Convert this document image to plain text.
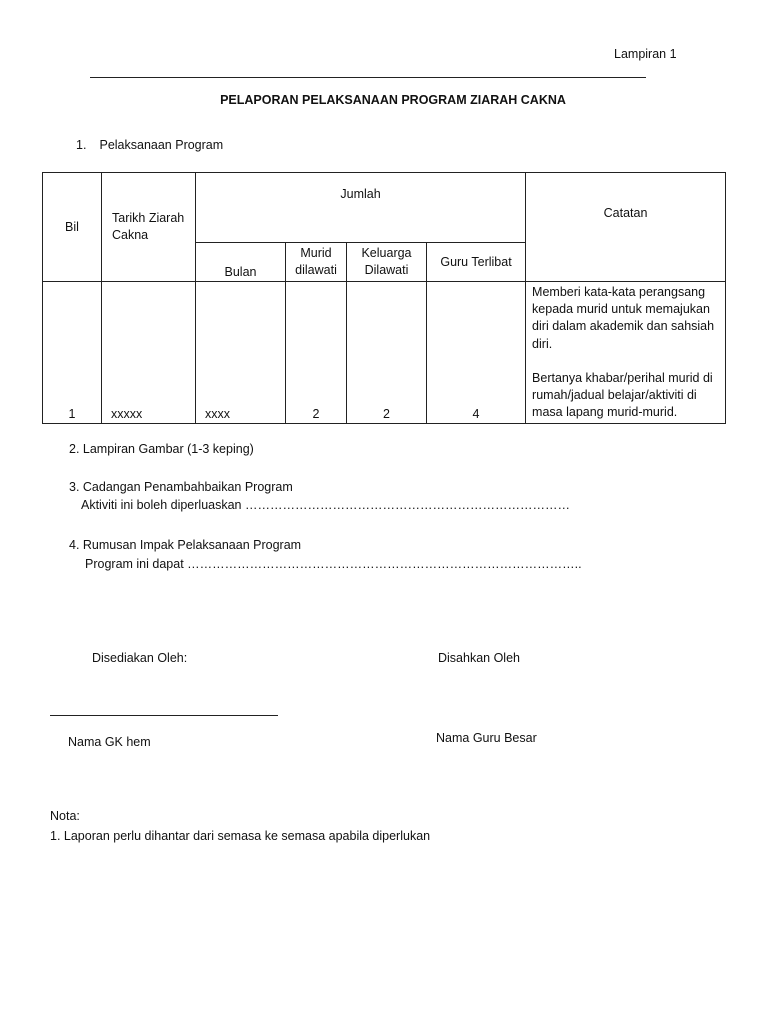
Lampiran 1
PELAPORAN PELAKSANAAN PROGRAM ZIARAH CAKNA
1. Pelaksanaan Program
Bil	Tarikh Ziarah Cakna	Jumlah				Catatan
		Bulan	Murid dilawati	Keluarga Dilawati	Guru Terlibat	
1	xxxxx	xxxx	2	2	4	Memberi kata-kata perangsang kepada murid untuk memajukan diri dalam akademik dan sahsiah diri.

Bertanya khabar/perihal murid di rumah/jadual belajar/aktiviti di masa lapang murid-murid.

2. Lampiran Gambar (1-3 keping)
3. Cadangan Penambahbaikan Program
Aktiviti ini boleh diperluaskan ……………………………………………………………………
4. Rumusan Impak Pelaksanaan Program
Program ini dapat …………………………………………………………………………………..
Disediakan Oleh:	Disahkan Oleh
Nama GK hem	Nama Guru Besar
Nota:
1. Laporan perlu dihantar dari semasa ke semasa apabila diperlukan
